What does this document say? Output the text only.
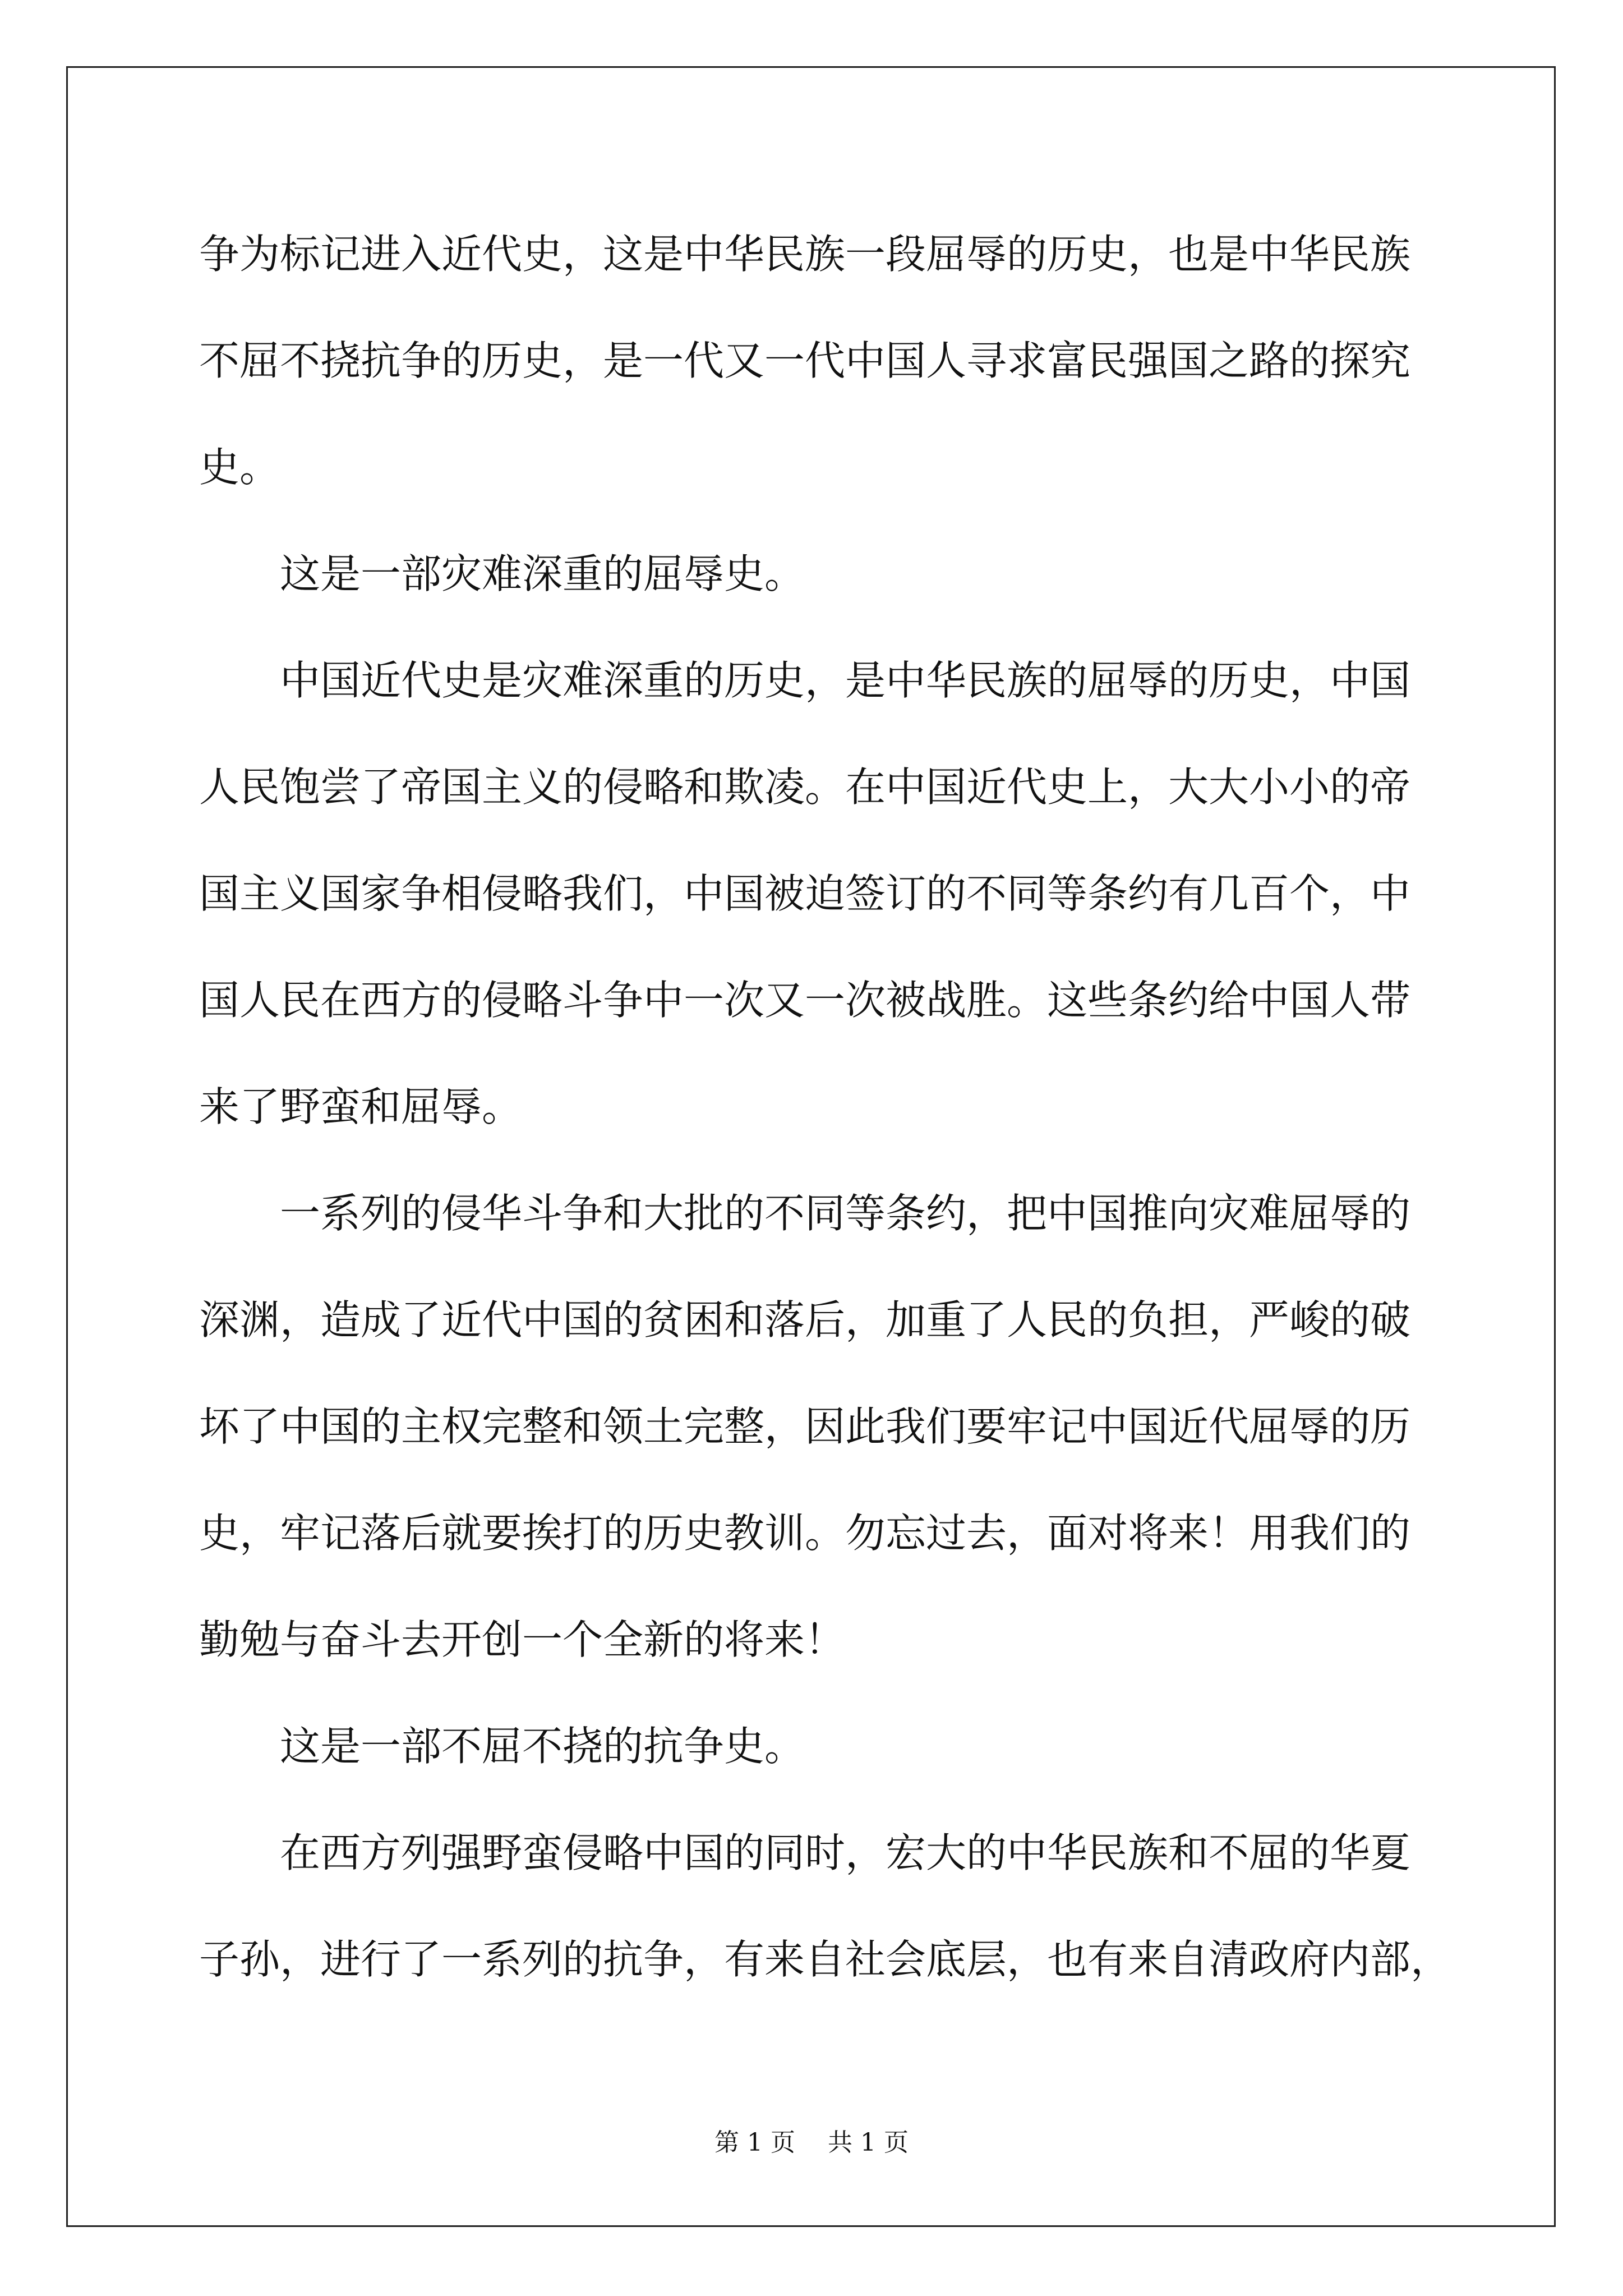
争为标记进入近代史，这是中华民族一段屈辱的历史，也是中华民族
不屈不挠抗争的历史，是一代又一代中国人寻求富民强国之路的探究
史。
　　这是一部灾难深重的屈辱史。
　　中国近代史是灾难深重的历史，是中华民族的屈辱的历史，中国
人民饱尝了帝国主义的侵略和欺凌。在中国近代史上，大大小小的帝
国主义国家争相侵略我们，中国被迫签订的不同等条约有几百个，中
国人民在西方的侵略斗争中一次又一次被战胜。这些条约给中国人带
来了野蛮和屈辱。
　　一系列的侵华斗争和大批的不同等条约，把中国推向灾难屈辱的
深渊，造成了近代中国的贫困和落后，加重了人民的负担，严峻的破
坏了中国的主权完整和领土完整，因此我们要牢记中国近代屈辱的历
史，牢记落后就要挨打的历史教训。勿忘过去，面对将来！用我们的
勤勉与奋斗去开创一个全新的将来！
　　这是一部不屈不挠的抗争史。
　　在西方列强野蛮侵略中国的同时，宏大的中华民族和不屈的华夏
子孙，进行了一系列的抗争，有来自社会底层，也有来自清政府内部，
第 1 页　 共 1 页
